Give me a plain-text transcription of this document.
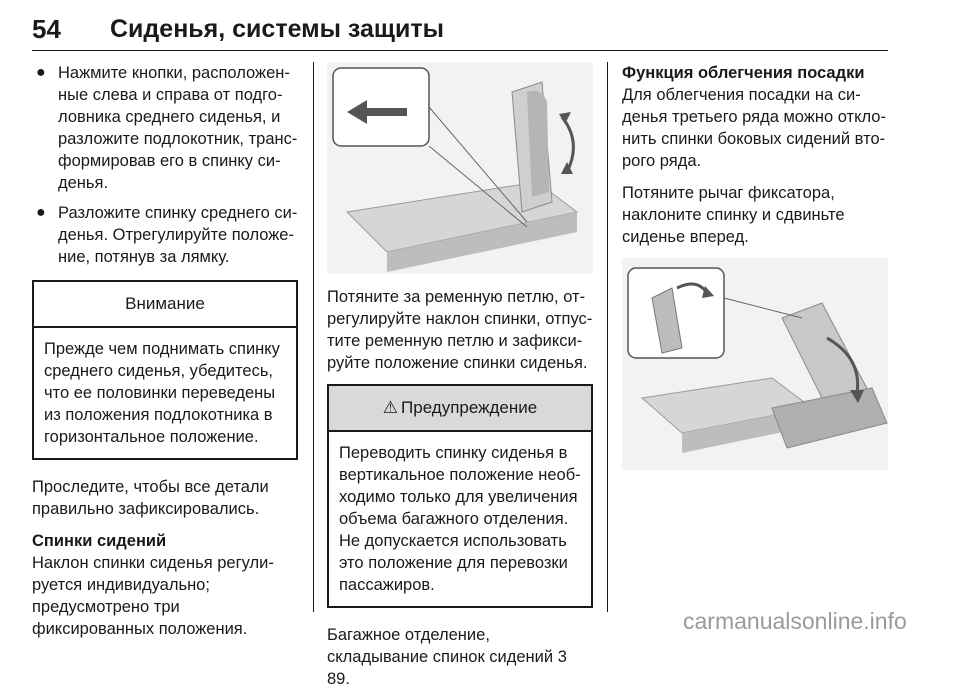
54 Сиденья, системы защиты
● Нажмите кнопки, расположенные слева и справа от подголовника среднего сиденья, и разложите подлокотник, трансформировав его в спинку сиденья.
● Разложите спинку среднего сиденья. Отрегулируйте положение, потянув за лямку.
Внимание
Прежде чем поднимать спинку среднего сиденья, убедитесь, что ее половинки переведены из положения подлокотника в горизонтальное положение.

Проследите, чтобы все детали правильно зафиксировались.

Спинки сидений

Наклон спинки сиденья регулируется индивидуально; предусмотрено три фиксированных положения.

Потяните за ременную петлю, отрегулируйте наклон спинки, отпустите ременную петлю и зафиксируйте положение спинки сиденья.

⚠ Предупреждение
Переводить спинку сиденья в вертикальное положение необходимо только для увеличения объема багажного отделения. Не допускается использовать это положение для перевозки пассажиров.

Багажное отделение, складывание спинок сидений 3 89.

Функция облегчения посадки

Для облегчения посадки на сиденья третьего ряда можно отклонить спинки боковых сидений второго ряда.

Потяните рычаг фиксатора, наклоните спинку и сдвиньте сиденье вперед.

carmanualsonline.info
